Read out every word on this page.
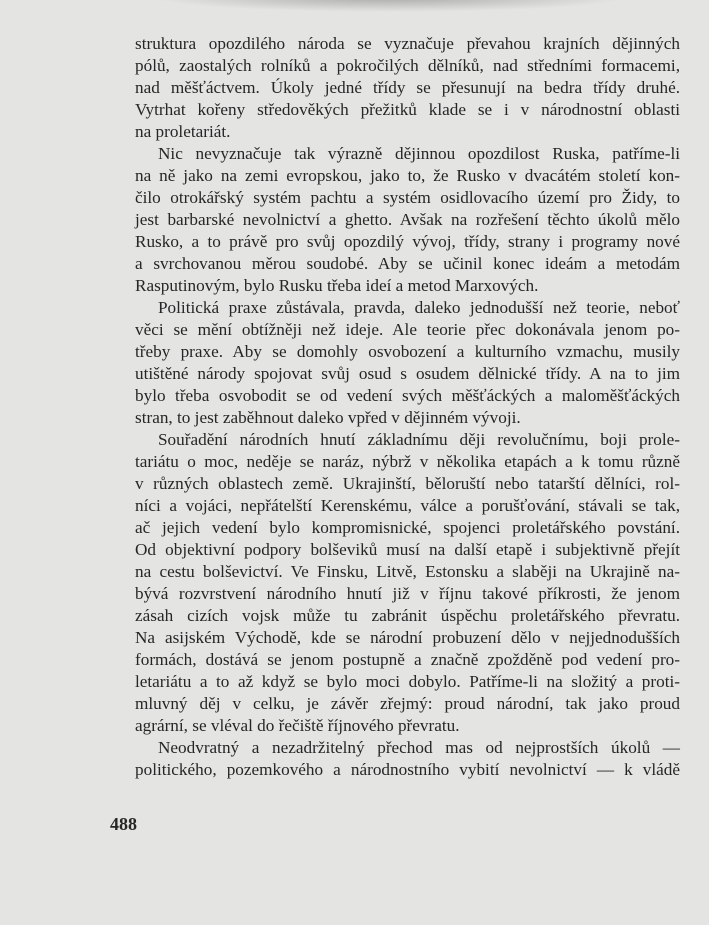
struktura opozdilého národa se vyznačuje převahou krajních dějinných
pólů, zaostalých rolníků a pokročilých dělníků, nad středními formacemi,
nad měšťáctvem. Úkoly jedné třídy se přesunují na bedra třídy druhé.
Vytrhat kořeny středověkých přežitků klade se i v národnostní oblasti
na proletariát.
Nic nevyznačuje tak výrazně dějinnou opozdilost Ruska, patříme-li
na ně jako na zemi evropskou, jako to, že Rusko v dvacátém století kon-
čilo otrokářský systém pachtu a systém osidlovacího území pro Židy, to
jest barbarské nevolnictví a ghetto. Avšak na rozřešení těchto úkolů mělo
Rusko, a to právě pro svůj opozdilý vývoj, třídy, strany i programy nové
a svrchovanou měrou soudobé. Aby se učinil konec ideám a metodám
Rasputinovým, bylo Rusku třeba ideí a metod Marxových.
Politická praxe zůstávala, pravda, daleko jednodušší než teorie, neboť
věci se mění obtížněji než ideje. Ale teorie přec dokonávala jenom po-
třeby praxe. Aby se domohly osvobození a kulturního vzmachu, musily
utištěné národy spojovat svůj osud s osudem dělnické třídy. A na to jim
bylo třeba osvobodit se od vedení svých měšťáckých a maloměšťáckých
stran, to jest zaběhnout daleko vpřed v dějinném vývoji.
Souřadění národních hnutí základnímu ději revolučnímu, boji prole-
tariátu o moc, neděje se naráz, nýbrž v několika etapách a k tomu různě
v různých oblastech země. Ukrajinští, běloruští nebo tatarští dělníci, rol-
níci a vojáci, nepřátelští Kerenskému, válce a porušťování, stávali se tak,
ač jejich vedení bylo kompromisnické, spojenci proletářského povstání.
Od objektivní podpory bolševiků musí na další etapě i subjektivně přejít
na cestu bolševictví. Ve Finsku, Litvě, Estonsku a slaběji na Ukrajině na-
bývá rozvrstvení národního hnutí již v říjnu takové příkrosti, že jenom
zásah cizích vojsk může tu zabránit úspěchu proletářského převratu.
Na asijském Východě, kde se národní probuzení dělo v nejjednodušších
formách, dostává se jenom postupně a značně zpožděně pod vedení pro-
letariátu a to až když se bylo moci dobylo. Patříme-li na složitý a proti-
mluvný děj v celku, je závěr zřejmý: proud národní, tak jako proud
agrární, se vléval do řečiště říjnového převratu.
Neodvratný a nezadržitelný přechod mas od nejprostších úkolů —
politického, pozemkového a národnostního vybití nevolnictví — k vládě
488
